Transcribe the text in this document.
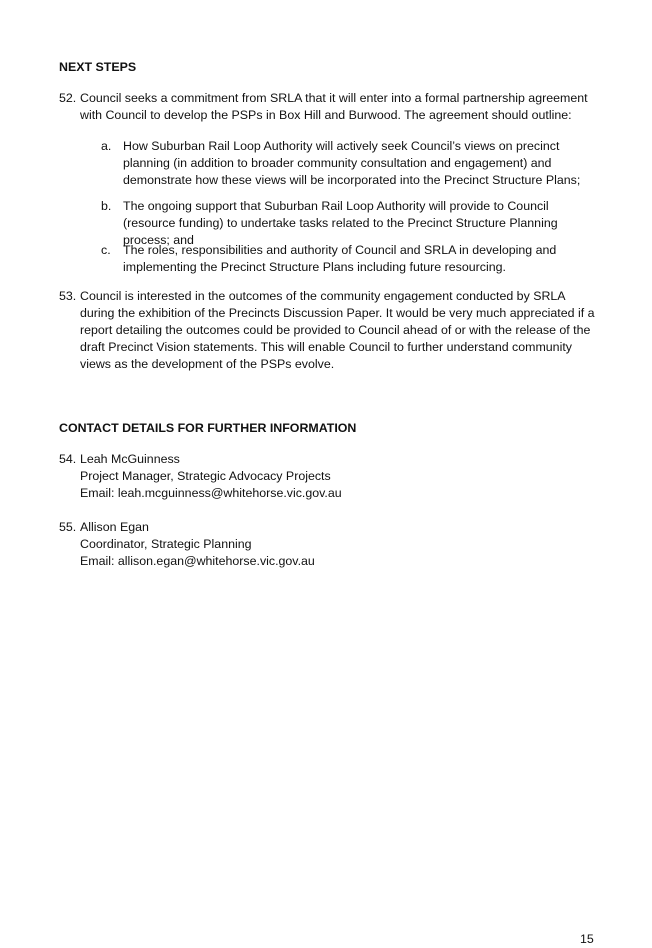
NEXT STEPS
52. Council seeks a commitment from SRLA that it will enter into a formal partnership agreement with Council to develop the PSPs in Box Hill and Burwood. The agreement should outline:
a. How Suburban Rail Loop Authority will actively seek Council’s views on precinct planning (in addition to broader community consultation and engagement) and demonstrate how these views will be incorporated into the Precinct Structure Plans;
b. The ongoing support that Suburban Rail Loop Authority will provide to Council (resource funding) to undertake tasks related to the Precinct Structure Planning process; and
c. The roles, responsibilities and authority of Council and SRLA in developing and implementing the Precinct Structure Plans including future resourcing.
53. Council is interested in the outcomes of the community engagement conducted by SRLA during the exhibition of the Precincts Discussion Paper. It would be very much appreciated if a report detailing the outcomes could be provided to Council ahead of or with the release of the draft Precinct Vision statements. This will enable Council to further understand community views as the development of the PSPs evolve.
CONTACT DETAILS FOR FURTHER INFORMATION
54. Leah McGuinness
Project Manager, Strategic Advocacy Projects
Email: leah.mcguinness@whitehorse.vic.gov.au
55. Allison Egan
Coordinator, Strategic Planning
Email: allison.egan@whitehorse.vic.gov.au
15
